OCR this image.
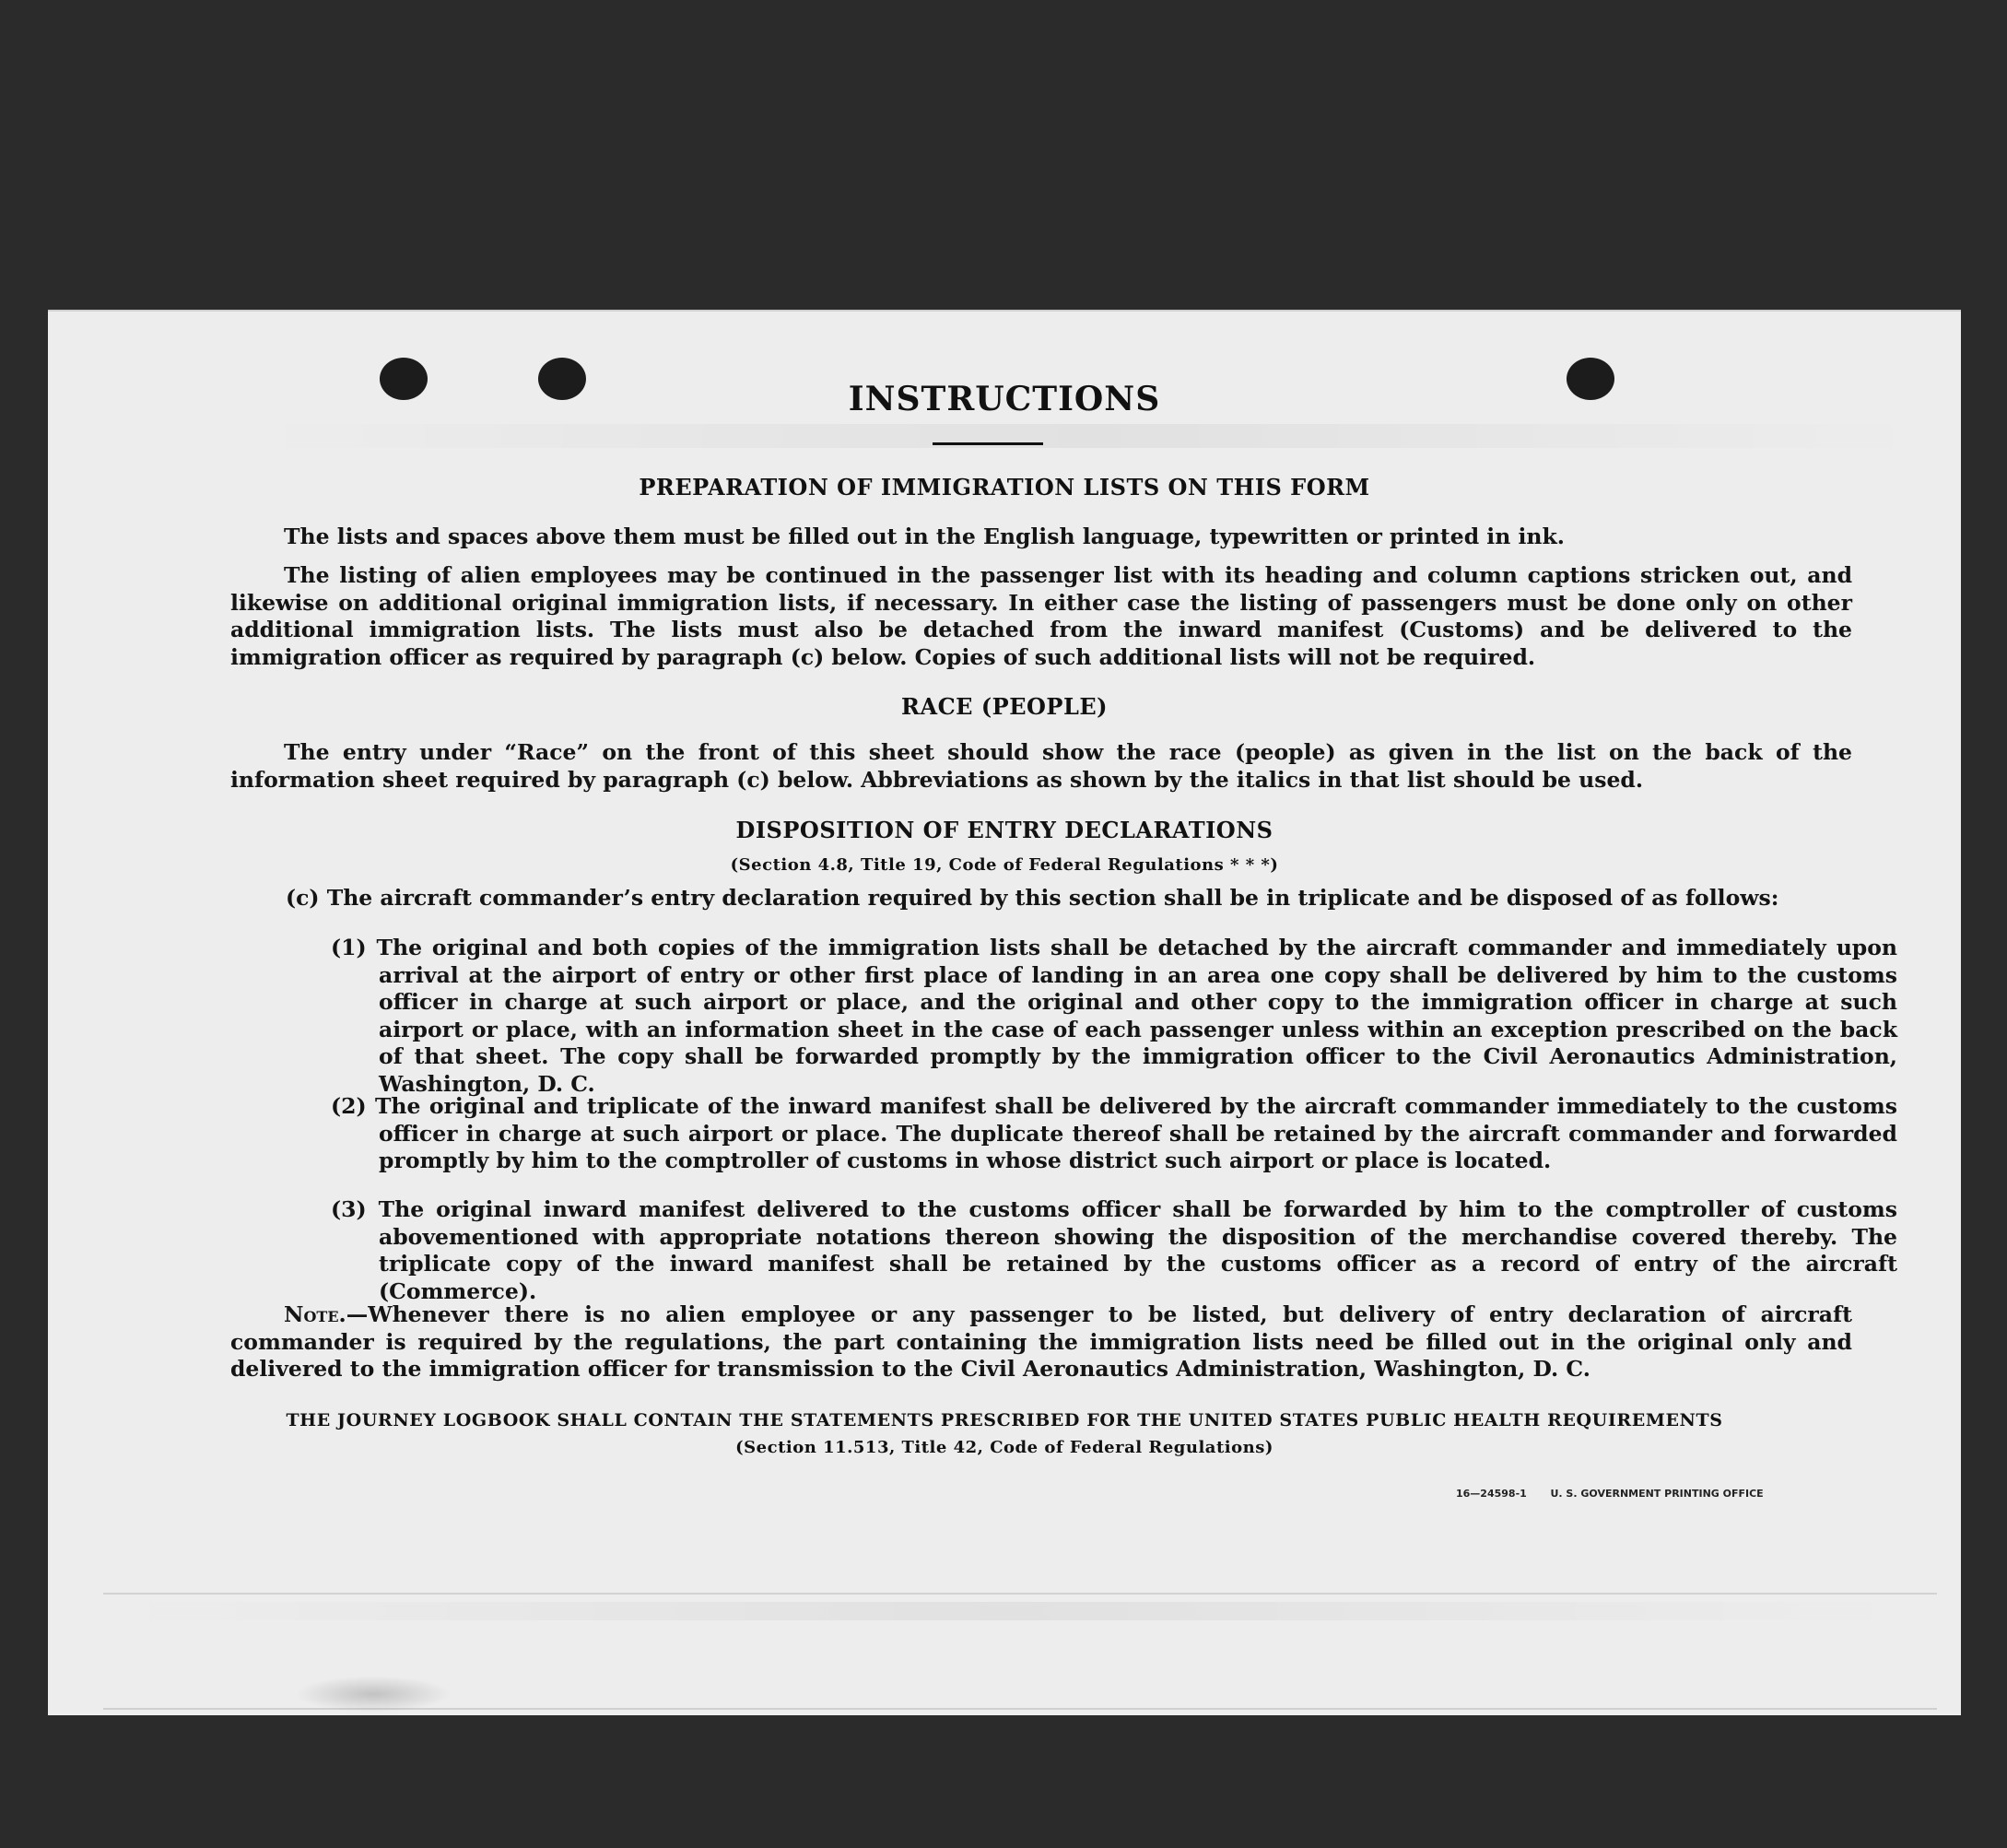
INSTRUCTIONS
PREPARATION OF IMMIGRATION LISTS ON THIS FORM
The lists and spaces above them must be filled out in the English language, typewritten or printed in ink.
The listing of alien employees may be continued in the passenger list with its heading and column captions stricken out, and likewise on additional original immigration lists, if necessary. In either case the listing of passengers must be done only on other additional immigration lists. The lists must also be detached from the inward manifest (Customs) and be delivered to the immigration officer as required by paragraph (c) below. Copies of such additional lists will not be required.
RACE (PEOPLE)
The entry under “Race” on the front of this sheet should show the race (people) as given in the list on the back of the information sheet required by paragraph (c) below. Abbreviations as shown by the italics in that list should be used.
DISPOSITION OF ENTRY DECLARATIONS
(Section 4.8, Title 19, Code of Federal Regulations * * *)
(c) The aircraft commander’s entry declaration required by this section shall be in triplicate and be disposed of as follows:
(1) The original and both copies of the immigration lists shall be detached by the aircraft commander and immediately upon arrival at the airport of entry or other first place of landing in an area one copy shall be delivered by him to the customs officer in charge at such airport or place, and the original and other copy to the immigration officer in charge at such airport or place, with an information sheet in the case of each passenger unless within an exception prescribed on the back of that sheet. The copy shall be forwarded promptly by the immigration officer to the Civil Aeronautics Administration, Washington, D. C.
(2) The original and triplicate of the inward manifest shall be delivered by the aircraft commander immediately to the customs officer in charge at such airport or place. The duplicate thereof shall be retained by the aircraft commander and forwarded promptly by him to the comptroller of customs in whose district such airport or place is located.
(3) The original inward manifest delivered to the customs officer shall be forwarded by him to the comptroller of customs abovementioned with appropriate notations thereon showing the disposition of the merchandise covered thereby. The triplicate copy of the inward manifest shall be retained by the customs officer as a record of entry of the aircraft (Commerce).
Note.—Whenever there is no alien employee or any passenger to be listed, but delivery of entry declaration of aircraft commander is required by the regulations, the part containing the immigration lists need be filled out in the original only and delivered to the immigration officer for transmission to the Civil Aeronautics Administration, Washington, D. C.
THE JOURNEY LOGBOOK SHALL CONTAIN THE STATEMENTS PRESCRIBED FOR THE UNITED STATES PUBLIC HEALTH REQUIREMENTS
(Section 11.513, Title 42, Code of Federal Regulations)
16—24598-1 U. S. GOVERNMENT PRINTING OFFICE
